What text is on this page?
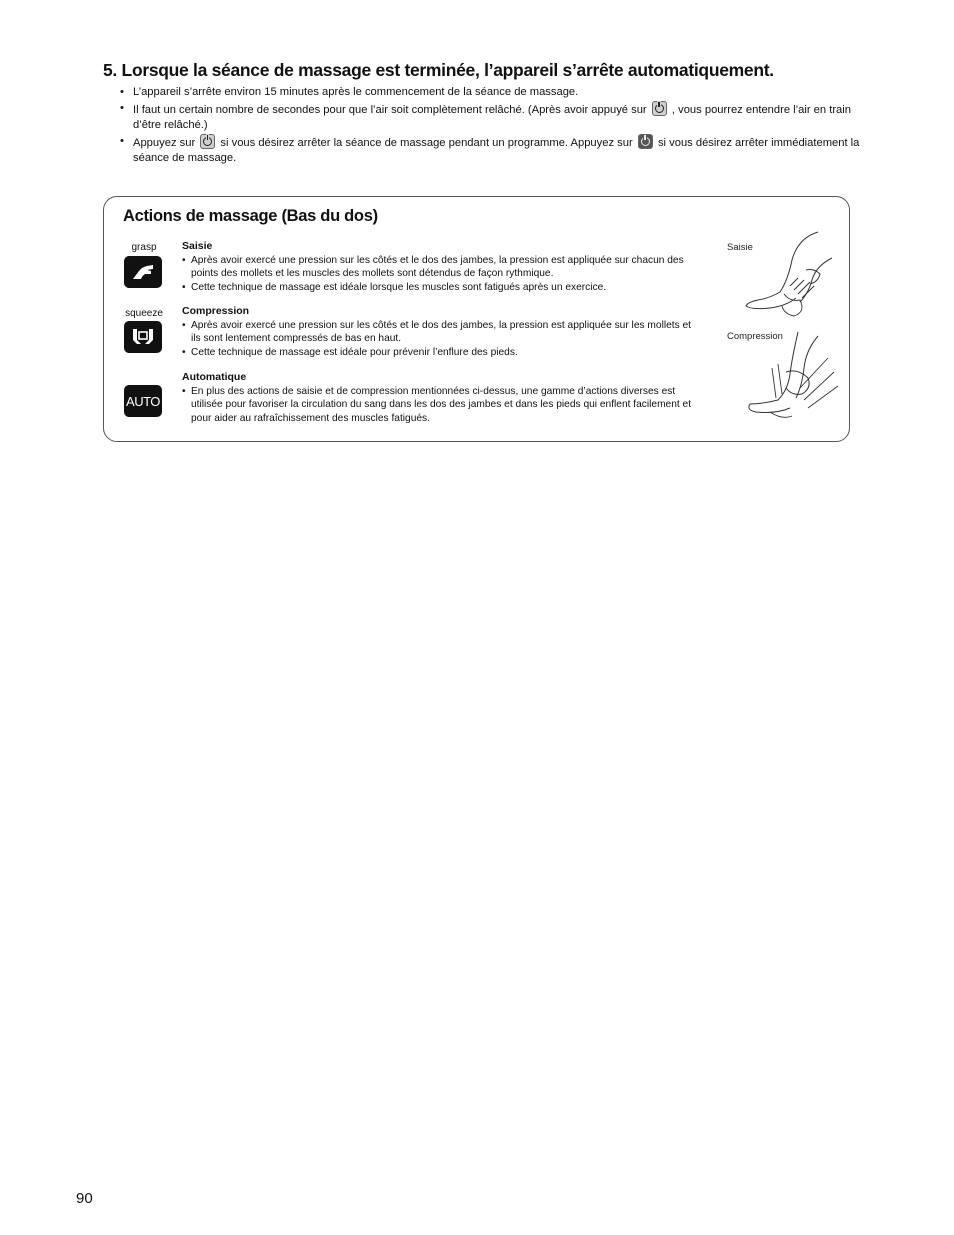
5. Lorsque la séance de massage est terminée, l’appareil s’arrête automatiquement.
• L’appareil s’arrête environ 15 minutes après le commencement de la séance de massage.
• Il faut un certain nombre de secondes pour que l’air soit complètement relâché. (Après avoir appuyé sur , vous pourrez entendre l’air en train d’être relâché.)
• Appuyez sur si vous désirez arrêter la séance de massage pendant un programme. Appuyez sur si vous désirez arrêter immédiatement la séance de massage.
Actions de massage (Bas du dos)
grasp	Saisie
• Après avoir exercé une pression sur les côtés et le dos des jambes, la pression est appliquée sur chacun des points des mollets et les muscles des mollets sont détendus de façon rythmique.
• Cette technique de massage est idéale lorsque les muscles sont fatigués après un exercice.
squeeze	Compression
• Après avoir exercé une pression sur les côtés et le dos des jambes, la pression est appliquée sur les mollets et ils sont lentement compressés de bas en haut.
• Cette technique de massage est idéale pour prévenir l’enflure des pieds.
AUTO
Automatique
• En plus des actions de saisie et de compression mentionnées ci-dessus, une gamme d’actions diverses est utilisée pour favoriser la circulation du sang dans les dos des jambes et dans les pieds qui enflent facilement et pour aider au rafraîchissement des muscles fatigués.
Saisie
Compression
90
